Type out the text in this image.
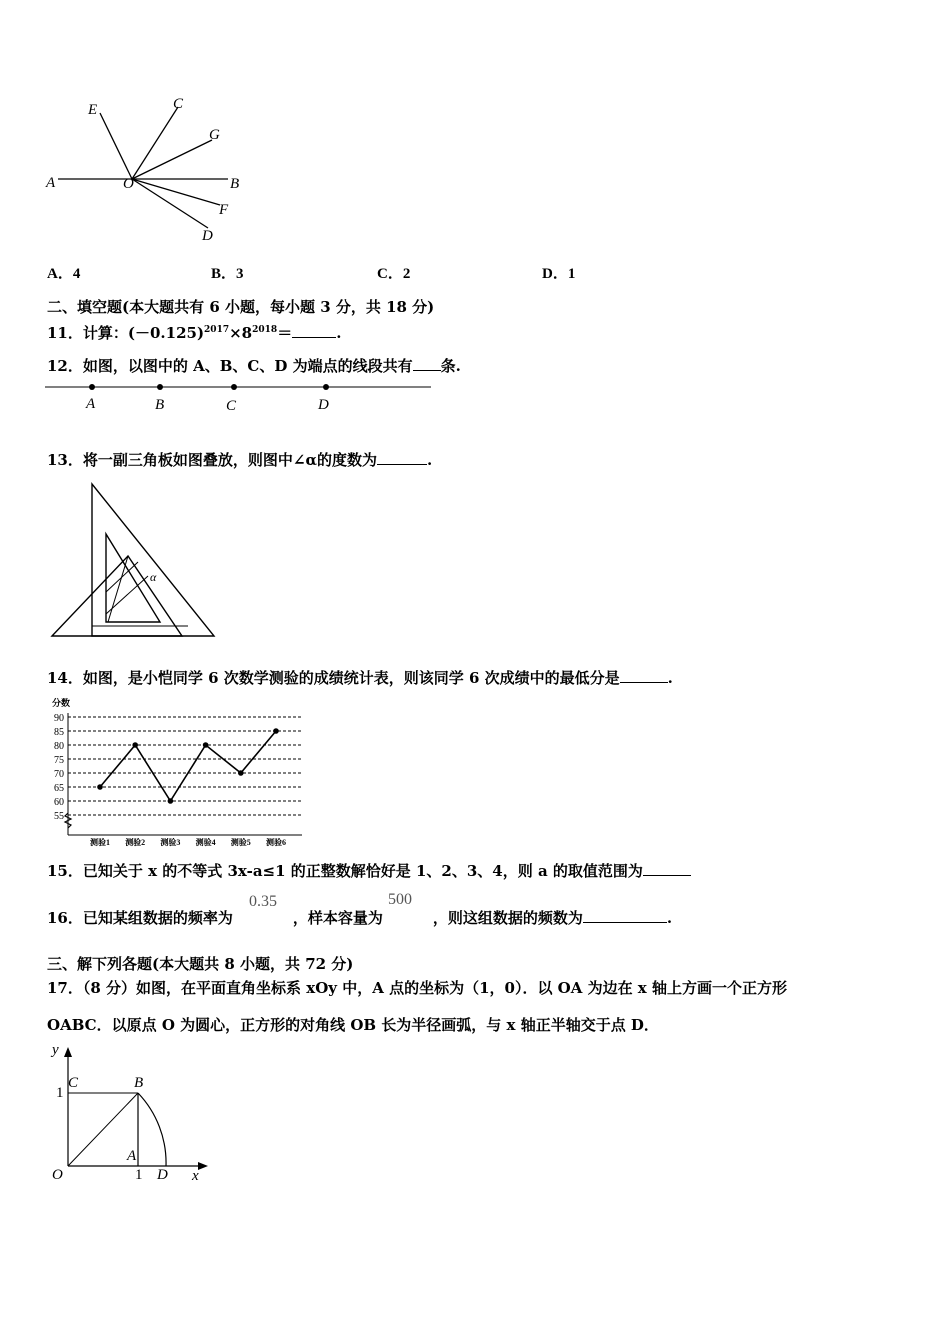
E	C
G
A	O	B
F
D
A．4	B．3	C．2	D．1
二、填空题(本大题共有 6 小题，每小题 3 分，共 18 分)
11．计算：$(-0.125)^{2017}\times 8^{2018}=$	.
12．如图，以图中的 A、B、C、D 为端点的线段共有 条.
A	B	C	D
13．将一副三角板如图叠放，则图中∠α的度数为	.
α
14．如图，是小恺同学 6 次数学测验的成绩统计表，则该同学 6 次成绩中的最低分是	.
分数
55
60
65
70
75
80
85
90
测验1 测验2 测验3 测验4 测验5 测验6
15．已知关于 x 的不等式 3x-a≤1 的正整数解恰好是 1、2、3、4，则 a 的取值范围为
16．已知某组数据的频率为	，样本容量为	，则这组数据的频数为	.
0.35	500
三、解下列各题(本大题共 8 小题，共 72 分)
17．（8 分）如图，在平面直角坐标系 xOy 中，A 点的坐标为（1，0）．以 OA 为边在 x 轴上方画一个正方形
OABC．以原点 O 为圆心，正方形的对角线 OB 长为半径画弧，与 x 轴正半轴交于点 D．
y
C	B
1
A
O	1 D x
